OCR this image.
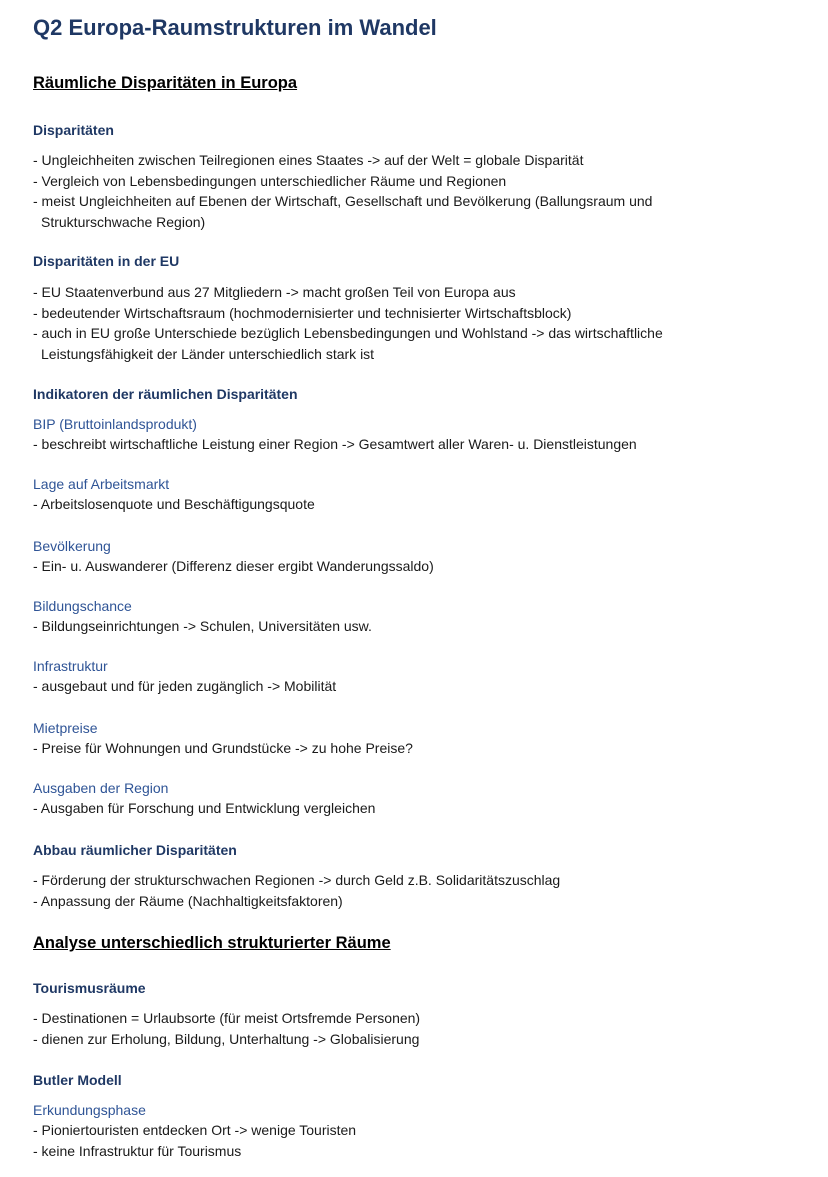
Q2 Europa-Raumstrukturen im Wandel
Räumliche Disparitäten in Europa
Disparitäten

- Ungleichheiten zwischen Teilregionen eines Staates -> auf der Welt = globale Disparität

- Vergleich von Lebensbedingungen unterschiedlicher Räume und Regionen

- meist Ungleichheiten auf Ebenen der Wirtschaft, Gesellschaft und Bevölkerung (Ballungsraum und Strukturschwache Region)

Disparitäten in der EU

- EU Staatenverbund aus 27 Mitgliedern -> macht großen Teil von Europa aus

- bedeutender Wirtschaftsraum (hochmodernisierter und technisierter Wirtschaftsblock)

- auch in EU große Unterschiede bezüglich Lebensbedingungen und Wohlstand -> das wirtschaftliche Leistungsfähigkeit der Länder unterschiedlich stark ist

Indikatoren der räumlichen Disparitäten

BIP (Bruttoinlandsprodukt)

- beschreibt wirtschaftliche Leistung einer Region -> Gesamtwert aller Waren- u. Dienstleistungen

Lage auf Arbeitsmarkt

- Arbeitslosenquote und Beschäftigungsquote

Bevölkerung

- Ein- u. Auswanderer (Differenz dieser ergibt Wanderungssaldo)

Bildungschance

- Bildungseinrichtungen -> Schulen, Universitäten usw.

Infrastruktur

- ausgebaut und für jeden zugänglich -> Mobilität

Mietpreise

- Preise für Wohnungen und Grundstücke -> zu hohe Preise?

Ausgaben der Region

- Ausgaben für Forschung und Entwicklung vergleichen

Abbau räumlicher Disparitäten

- Förderung der strukturschwachen Regionen -> durch Geld z.B. Solidaritätszuschlag

- Anpassung der Räume (Nachhaltigkeitsfaktoren)

Analyse unterschiedlich strukturierter Räume
Tourismusräume

- Destinationen = Urlaubsorte (für meist Ortsfremde Personen)

- dienen zur Erholung, Bildung, Unterhaltung -> Globalisierung

Butler Modell

Erkundungsphase

- Pioniertouristen entdecken Ort -> wenige Touristen

- keine Infrastruktur für Tourismus
